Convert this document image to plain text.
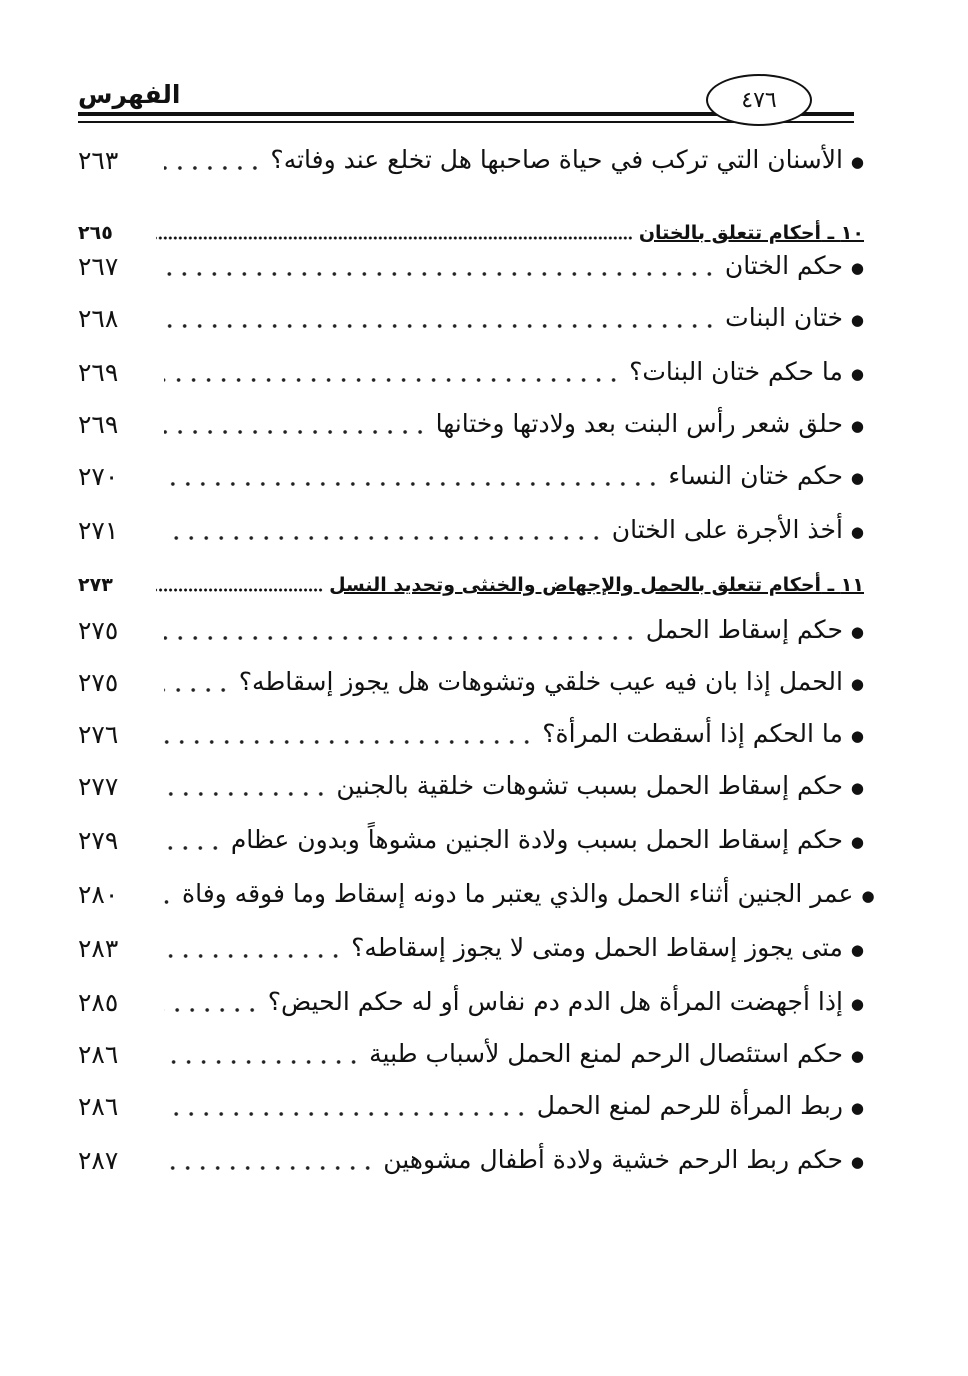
الفهرس	٤٧٦
٢٦٣	●الأسنان التي تركب في حياة صاحبها هل تخلع عند وفاته؟
٢٦٥	١٠ ـ أحكام تتعلق بالختان
٢٦٧	●حكم الختان
٢٦٨	●ختان البنات
٢٦٩	●ما حكم ختان البنات؟
٢٦٩	●حلق شعر رأس البنت بعد ولادتها وختانها
٢٧٠	●حكم ختان النساء
٢٧١	●أخذ الأجرة على الختان
٢٧٣	١١ ـ أحكام تتعلق بالحمل والإجهاض والخنثى وتحديد النسل
٢٧٥	●حكم إسقاط الحمل
٢٧٥	●الحمل إذا بان فيه عيب خلقي وتشوهات هل يجوز إسقاطه؟
٢٧٦	●ما الحكم إذا أسقطت المرأة؟
٢٧٧	●حكم إسقاط الحمل بسبب تشوهات خلقية بالجنين
٢٧٩	●حكم إسقاط الحمل بسبب ولادة الجنين مشوهاً وبدون عظام
٢٨٠	●عمر الجنين أثناء الحمل والذي يعتبر ما دونه إسقاط وما فوقه وفاة
٢٨٣	●متى يجوز إسقاط الحمل ومتى لا يجوز إسقاطه؟
٢٨٥	●إذا أجهضت المرأة هل الدم دم نفاس أو له حكم الحيض؟
٢٨٦	●حكم استئصال الرحم لمنع الحمل لأسباب طبية
٢٨٦	●ربط المرأة للرحم لمنع الحمل
٢٨٧	●حكم ربط الرحم خشية ولادة أطفال مشوهين
